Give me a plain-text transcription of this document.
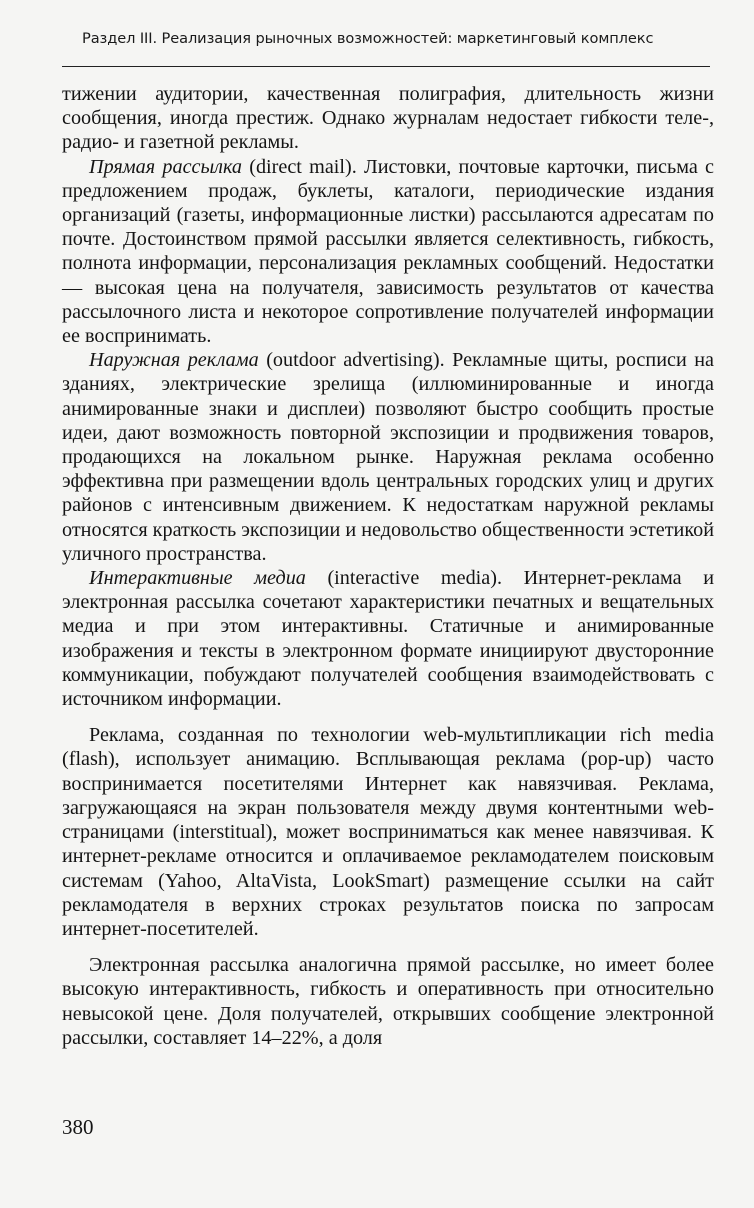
Раздел III. Реализация рыночных возможностей: маркетинговый комплекс

тижении аудитории, качественная полиграфия, длительность жизни сообщения, иногда престиж. Однако журналам недостает гибкости теле-, радио- и газетной рекламы.

Прямая рассылка (direct mail). Листовки, почтовые карточки, письма с предложением продаж, буклеты, каталоги, периодические издания организаций (газеты, информационные листки) рассылаются адресатам по почте. Достоинством прямой рассылки является селективность, гибкость, полнота информации, персонализация рекламных сообщений. Недостатки — высокая цена на получателя, зависимость результатов от качества рассылочного листа и некоторое сопротивление получателей информации ее воспринимать.

Наружная реклама (outdoor advertising). Рекламные щиты, росписи на зданиях, электрические зрелища (иллюминированные и иногда анимированные знаки и дисплеи) позволяют быстро сообщить простые идеи, дают возможность повторной экспозиции и продвижения товаров, продающихся на локальном рынке. Наружная реклама особенно эффективна при размещении вдоль центральных городских улиц и других районов с интенсивным движением. К недостаткам наружной рекламы относятся краткость экспозиции и недовольство общественности эстетикой уличного пространства.

Интерактивные медиа (interactive media). Интернет-реклама и электронная рассылка сочетают характеристики печатных и вещательных медиа и при этом интерактивны. Статичные и анимированные изображения и тексты в электронном формате инициируют двусторонние коммуникации, побуждают получателей сообщения взаимодействовать с источником информации.

Реклама, созданная по технологии web-мультипликации rich media (flash), использует анимацию. Всплывающая реклама (pop-up) часто воспринимается посетителями Интернет как навязчивая. Реклама, загружающаяся на экран пользователя между двумя контентными web-страницами (interstitual), может восприниматься как менее навязчивая. К интернет-рекламе относится и оплачиваемое рекламодателем поисковым системам (Yahoo, AltaVista, LookSmart) размещение ссылки на сайт рекламодателя в верхних строках результатов поиска по запросам интернет-посетителей.

Электронная рассылка аналогична прямой рассылке, но имеет более высокую интерактивность, гибкость и оперативность при относительно невысокой цене. Доля получателей, открывших сообщение электронной рассылки, составляет 14–22%, а доля

380
